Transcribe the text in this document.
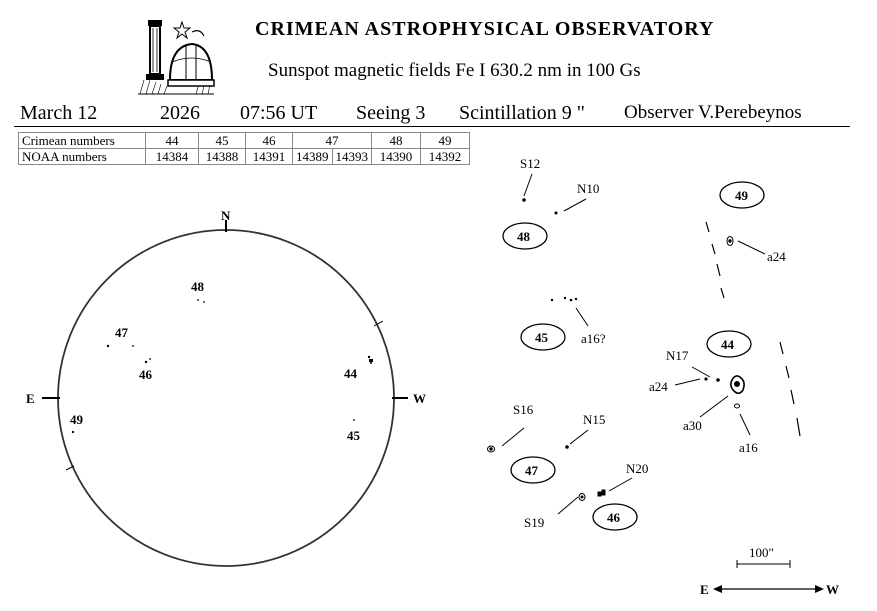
CRIMEAN ASTROPHYSICAL OBSERVATORY
Sunspot magnetic fields Fe I 630.2 nm in 100 Gs
March 12	2026 07:56 UT Seeing 3 Scintillation 9 " Observer V.Perebeynos
Crimean numbers	44	45	46	47		48	49
NOAA numbers	14384	14388	14391	14389	14393	14390	14392
N
E	W
48
47
46	44
49
45
49
48
45	44
47
46
S12
N10
a24
a16?
N17
a24
a30
a16
S16
N15
N20
S19
100"
E	W
